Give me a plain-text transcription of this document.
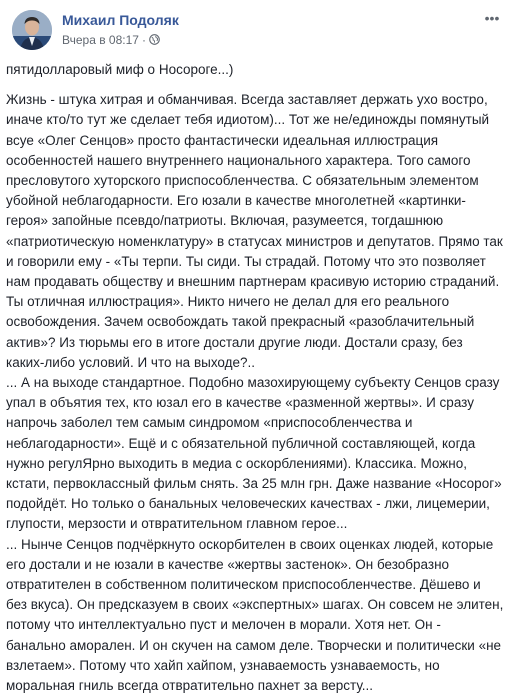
Михаил Подоляк
Вчера в 08:17 ·
•••

пятидолларовый миф о Носороге...)

Жизнь - штука хитрая и обманчивая. Всегда заставляет держать ухо востро, иначе кто/то тут же сделает тебя идиотом)... Тот же не/единожды помянутый всуе «Олег Сенцов» просто фантастически идеальная иллюстрация особенностей нашего внутреннего национального характера. Того самого пресловутого хуторского приспособленчества. С обязательным элементом убойной неблагодарности. Его юзали в качестве многолетней «картинки-героя» запойные псевдо/патриоты. Включая, разумеется, тогдашнюю «патриотическую номенклатуру» в статусах министров и депутатов. Прямо так и говорили ему - «Ты терпи. Ты сиди. Ты страдай. Потому что это позволяет нам продавать обществу и внешним партнерам красивую историю страданий. Ты отличная иллюстрация». Никто ничего не делал для его реального освобождения. Зачем освобождать такой прекрасный «разоблачительный актив»? Из тюрьмы его в итоге достали другие люди. Достали сразу, без каких-либо условий. И что на выходе?..

... А на выходе стандартное. Подобно мазохирующему субъекту Сенцов сразу упал в объятия тех, кто юзал его в качестве «разменной жертвы». И сразу напрочь заболел тем самым синдромом «приспособленчества и неблагодарности». Ещё и с обязательной публичной составляющей, когда нужно регулЯрно выходить в медиа с оскорблениями). Классика. Можно, кстати, первоклассный фильм снять. За 25 млн грн. Даже название «Носорог» подойдёт. Но только о банальных человеческих качествах - лжи, лицемерии, глупости, мерзости и отвратительном главном герое...

... Нынче Сенцов подчёркнуто оскорбителен в своих оценках людей, которые его достали и не юзали в качестве «жертвы застенок». Он безобразно отвратителен в собственном политическом приспособленчестве. Дёшево и без вкуса). Он предсказуем в своих «экспертных» шагах. Он совсем не элитен, потому что интеллектуально пуст и мелочен в морали. Хотя нет. Он - банально аморален. И он скучен на самом деле. Творчески и политически «не взлетаем». Потому что хайп хайпом, узнаваемость узнаваемость, но моральная гниль всегда отвратительно пахнет за версту...
